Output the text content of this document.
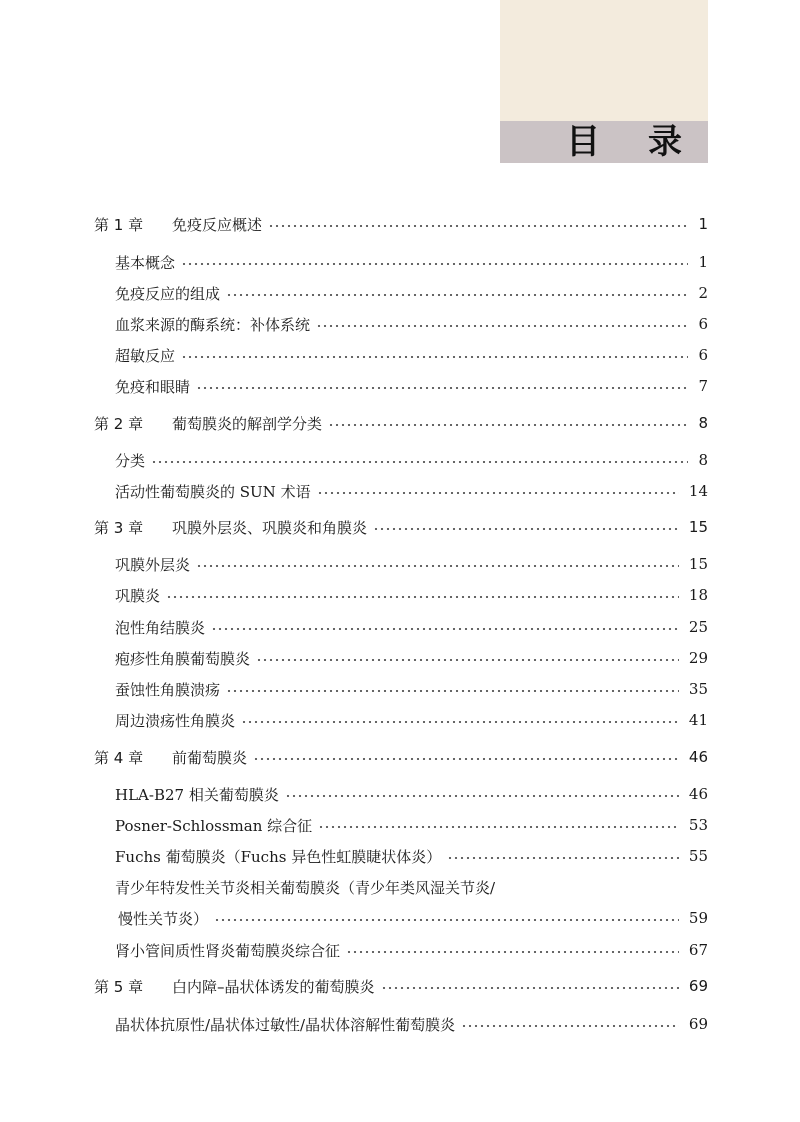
目 录
第 1 章 免疫反应概述	1
基本概念	1
免疫反应的组成	2
血浆来源的酶系统：补体系统	6
超敏反应	6
免疫和眼睛	7
第 2 章 葡萄膜炎的解剖学分类	8
分类	8
活动性葡萄膜炎的 SUN 术语	14
第 3 章 巩膜外层炎、巩膜炎和角膜炎	15
巩膜外层炎	15
巩膜炎	18
泡性角结膜炎	25
疱疹性角膜葡萄膜炎	29
蚕蚀性角膜溃疡	35
周边溃疡性角膜炎	41
第 4 章 前葡萄膜炎	46
HLA-B27 相关葡萄膜炎	46
Posner-Schlossman 综合征	53
Fuchs 葡萄膜炎（Fuchs 异色性虹膜睫状体炎）	55
青少年特发性关节炎相关葡萄膜炎（青少年类风湿关节炎/
慢性关节炎）	59
肾小管间质性肾炎葡萄膜炎综合征	67
第 5 章 白内障–晶状体诱发的葡萄膜炎	69
晶状体抗原性/晶状体过敏性/晶状体溶解性葡萄膜炎	69
